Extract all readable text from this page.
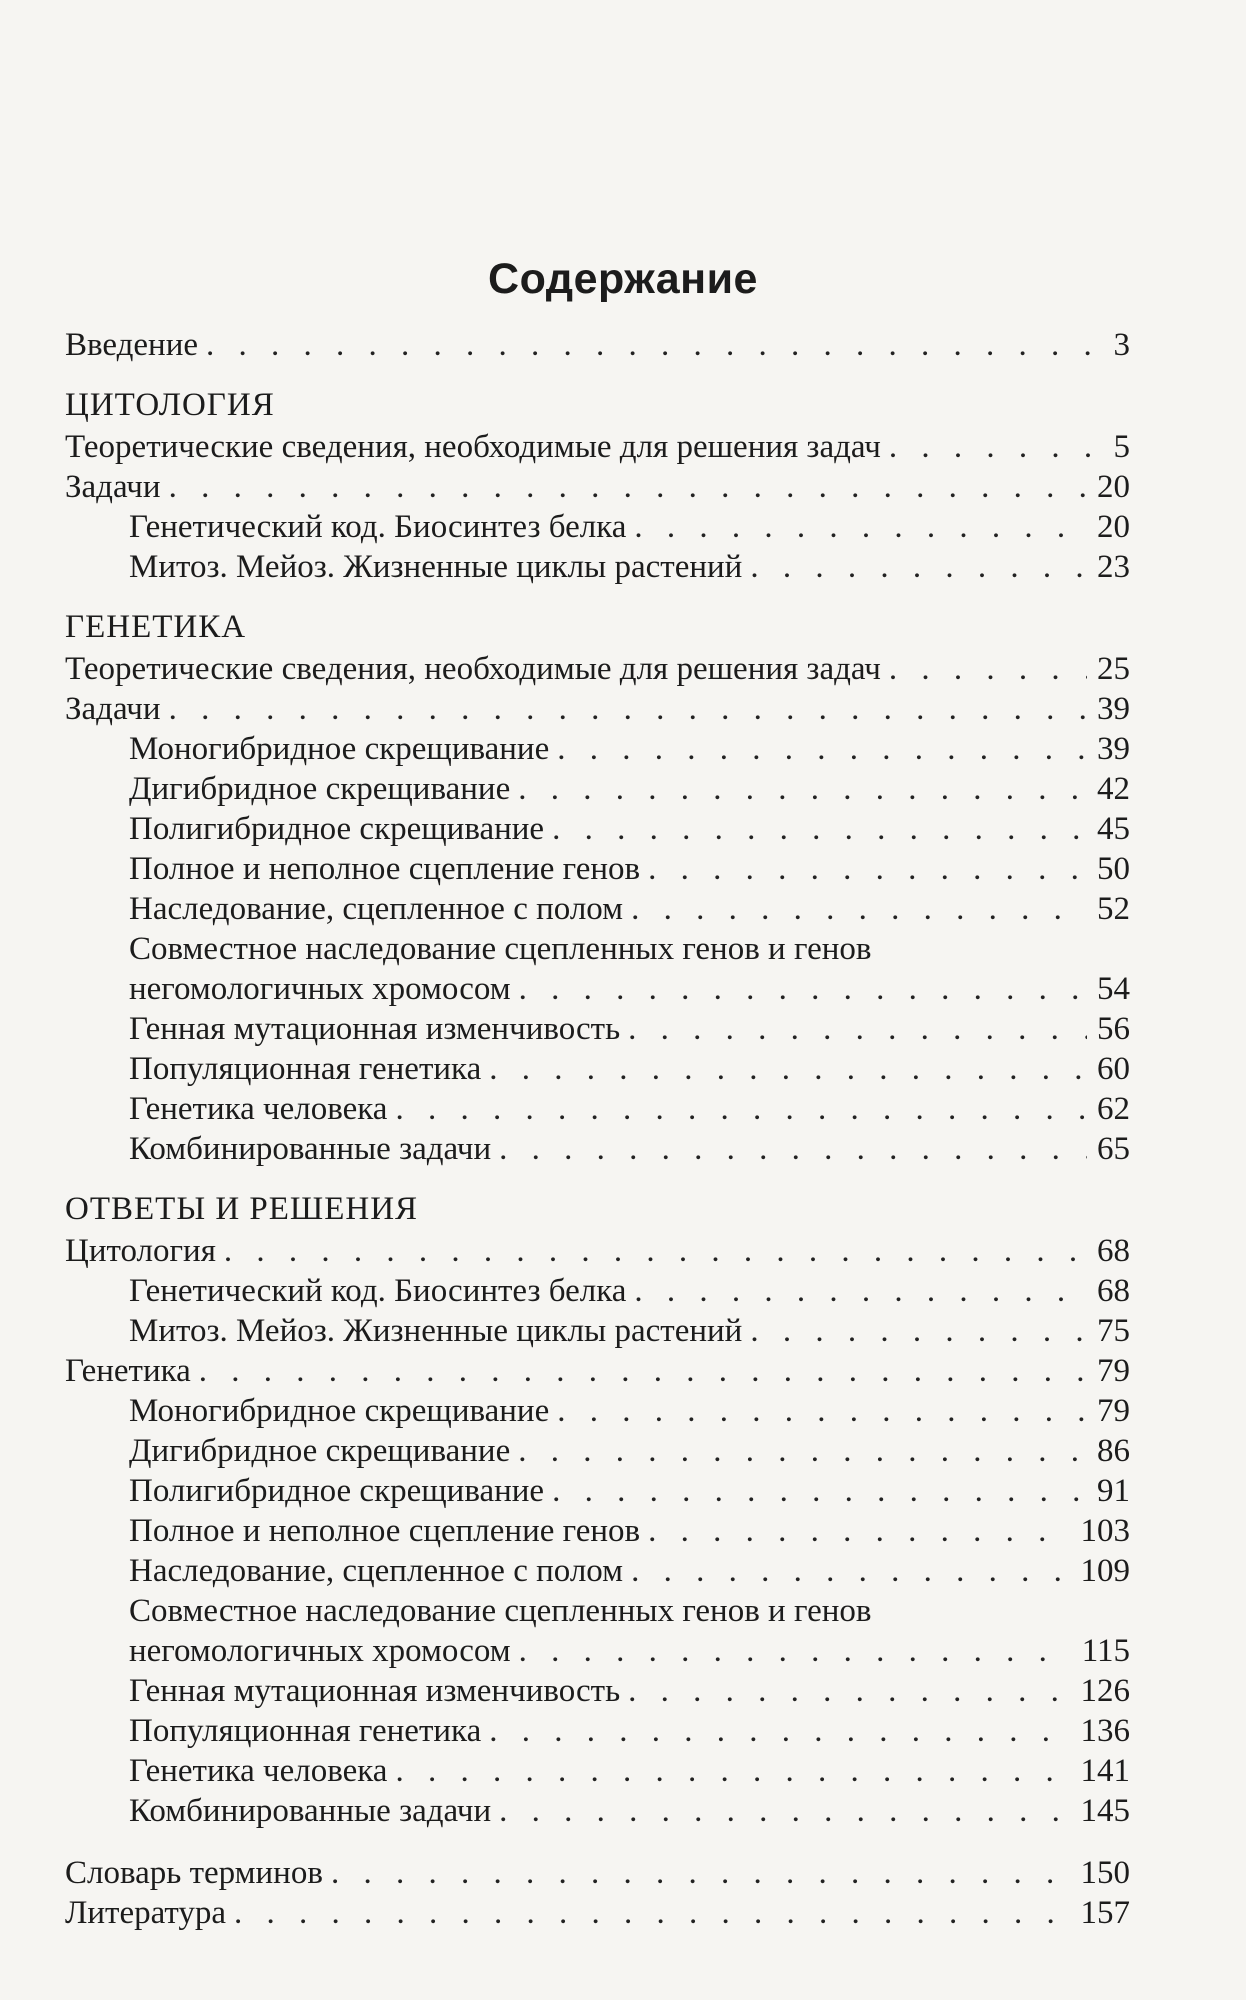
Содержание
Введение . . .	3
ЦИТОЛОГИЯ
Теоретические сведения, необходимые для решения задач . . .	5
Задачи . . .	20
Генетический код. Биосинтез белка . . .	20
Митоз. Мейоз. Жизненные циклы растений . . .	23
ГЕНЕТИКА
Теоретические сведения, необходимые для решения задач . . .	25
Задачи . . .	39
Моногибридное скрещивание . . .	39
Дигибридное скрещивание . . .	42
Полигибридное скрещивание . . .	45
Полное и неполное сцепление генов . . .	50
Наследование, сцепленное с полом . . .	52
Совместное наследование сцепленных генов и генов
негомологичных хромосом . . .	54
Генная мутационная изменчивость . . .	56
Популяционная генетика . . .	60
Генетика человека . . .	62
Комбинированные задачи . . .	65
ОТВЕТЫ И РЕШЕНИЯ
Цитология . . .	68
Генетический код. Биосинтез белка . . .	68
Митоз. Мейоз. Жизненные циклы растений . . .	75
Генетика . . .	79
Моногибридное скрещивание . . .	79
Дигибридное скрещивание . . .	86
Полигибридное скрещивание . . .	91
Полное и неполное сцепление генов . . .	103
Наследование, сцепленное с полом . . .	109
Совместное наследование сцепленных генов и генов
негомологичных хромосом . . .	115
Генная мутационная изменчивость . . .	126
Популяционная генетика . . .	136
Генетика человека . . .	141
Комбинированные задачи . . .	145
Словарь терминов . . .	150
Литература . . .	157
